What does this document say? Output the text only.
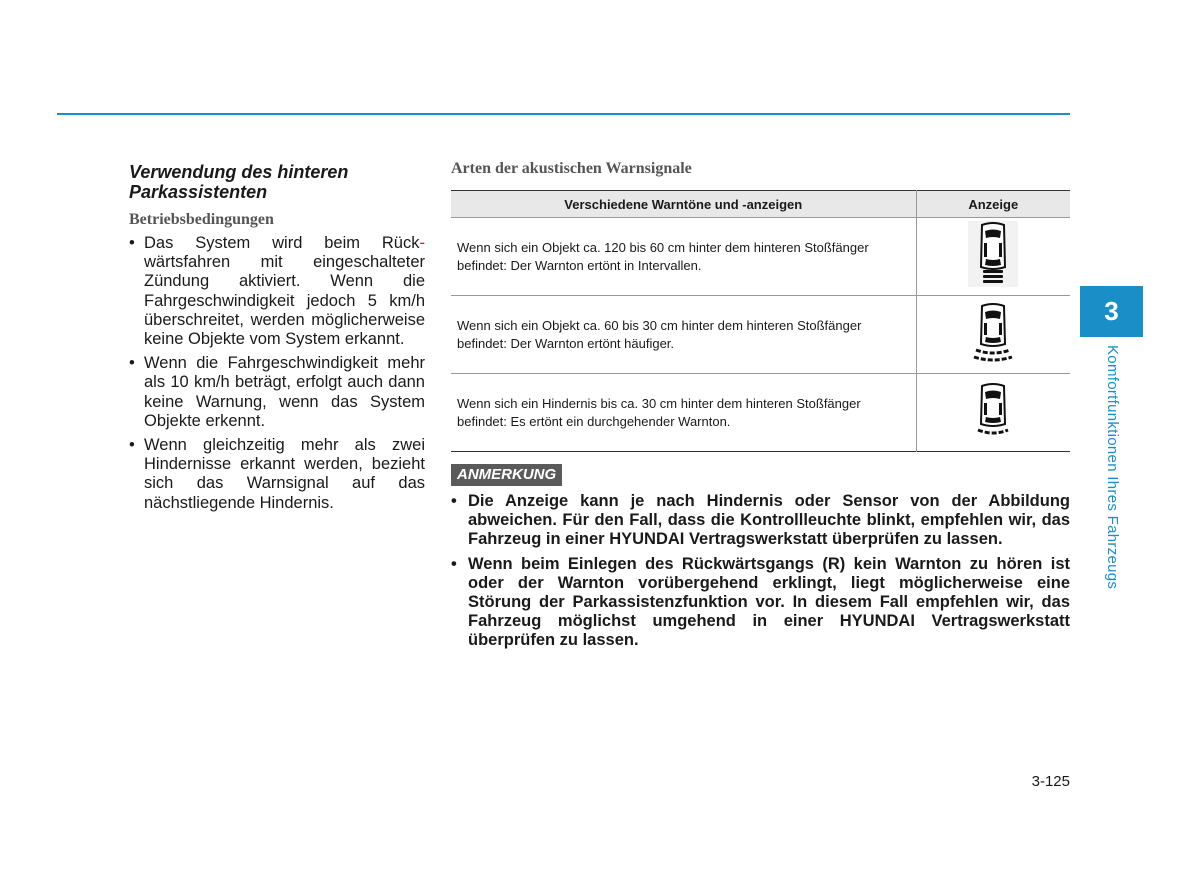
Verwendung des hinteren Parkassistenten
Betriebsbedingungen
• Das System wird beim Rück-wärtsfahren mit eingeschalteter Zündung aktiviert. Wenn die Fahrgeschwindigkeit jedoch 5 km/h überschreitet, werden möglicherweise keine Objekte vom System erkannt.
• Wenn die Fahrgeschwindigkeit mehr als 10 km/h beträgt, erfolgt auch dann keine Warnung, wenn das System Objekte erkennt.
• Wenn gleichzeitig mehr als zwei Hindernisse erkannt werden, bezieht sich das Warnsignal auf das nächstliegende Hindernis.
Arten der akustischen Warnsignale
Verschiedene Warntöne und -anzeigen	Anzeige
Wenn sich ein Objekt ca. 120 bis 60 cm hinter dem hinteren Stoßfänger befindet: Der Warnton ertönt in Intervallen.	
Wenn sich ein Objekt ca. 60 bis 30 cm hinter dem hinteren Stoßfänger befindet: Der Warnton ertönt häufiger.	
Wenn sich ein Hindernis bis ca. 30 cm hinter dem hinteren Stoßfänger befindet: Es ertönt ein durchgehender Warnton.	
ANMERKUNG
• Die Anzeige kann je nach Hindernis oder Sensor von der Abbildung abweichen. Für den Fall, dass die Kontrollleuchte blinkt, empfehlen wir, das Fahrzeug in einer HYUNDAI Vertragswerkstatt überprüfen zu lassen.
• Wenn beim Einlegen des Rückwärtsgangs (R) kein Warnton zu hören ist oder der Warnton vorübergehend erklingt, liegt möglicherweise eine Störung der Parkassistenzfunktion vor. In diesem Fall empfehlen wir, das Fahrzeug möglichst umgehend in einer HYUNDAI Vertragswerkstatt überprüfen zu lassen.
3
Komfortfunktionen Ihres Fahrzeugs
3-125
